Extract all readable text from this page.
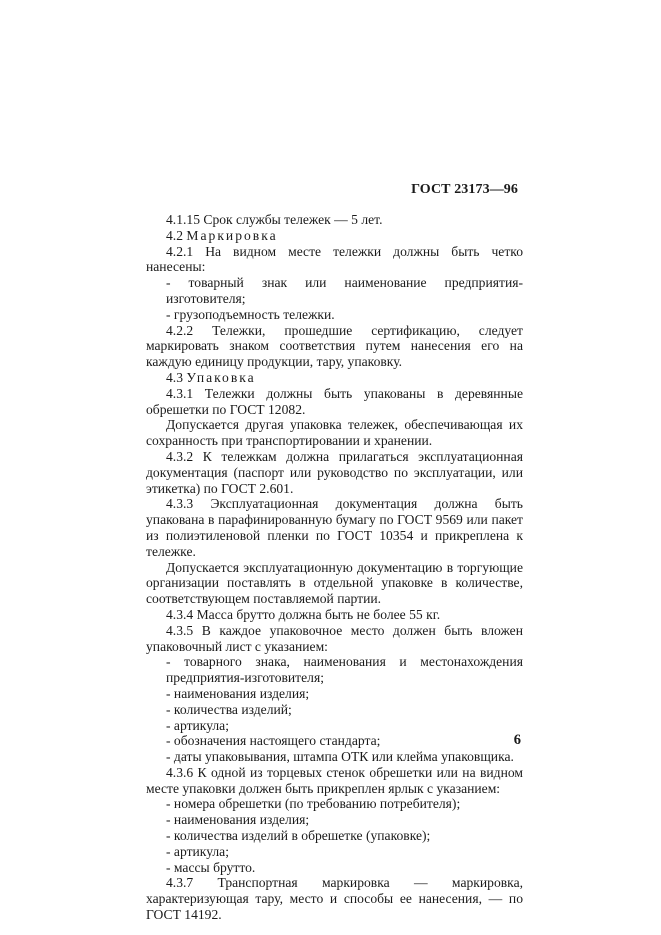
ГОСТ 23173—96
4.1.15 Срок службы тележек — 5 лет.
4.2 Маркировка
4.2.1 На видном месте тележки должны быть четко нанесены:
- товарный знак или наименование предприятия-изготовителя;
- грузоподъемность тележки.
4.2.2 Тележки, прошедшие сертификацию, следует маркировать знаком соответствия путем нанесения его на каждую единицу продукции, тару, упаковку.
4.3 Упаковка
4.3.1 Тележки должны быть упакованы в деревянные обрешетки по ГОСТ 12082.
Допускается другая упаковка тележек, обеспечивающая их сохранность при транспортировании и хранении.
4.3.2 К тележкам должна прилагаться эксплуатационная документация (паспорт или руководство по эксплуатации, или этикетка) по ГОСТ 2.601.
4.3.3 Эксплуатационная документация должна быть упакована в парафинированную бумагу по ГОСТ 9569 или пакет из полиэтиленовой пленки по ГОСТ 10354 и прикреплена к тележке.
Допускается эксплуатационную документацию в торгующие организации поставлять в отдельной упаковке в количестве, соответствующем поставляемой партии.
4.3.4 Масса брутто должна быть не более 55 кг.
4.3.5 В каждое упаковочное место должен быть вложен упаковочный лист с указанием:
- товарного знака, наименования и местонахождения предприятия-изготовителя;
- наименования изделия;
- количества изделий;
- артикула;
- обозначения настоящего стандарта;
- даты упаковывания, штампа ОТК или клейма упаковщика.
4.3.6 К одной из торцевых стенок обрешетки или на видном месте упаковки должен быть прикреплен ярлык с указанием:
- номера обрешетки (по требованию потребителя);
- наименования изделия;
- количества изделий в обрешетке (упаковке);
- артикула;
- массы брутто.
4.3.7 Транспортная маркировка — маркировка, характеризующая тару, место и способы ее нанесения, — по ГОСТ 14192.
6
